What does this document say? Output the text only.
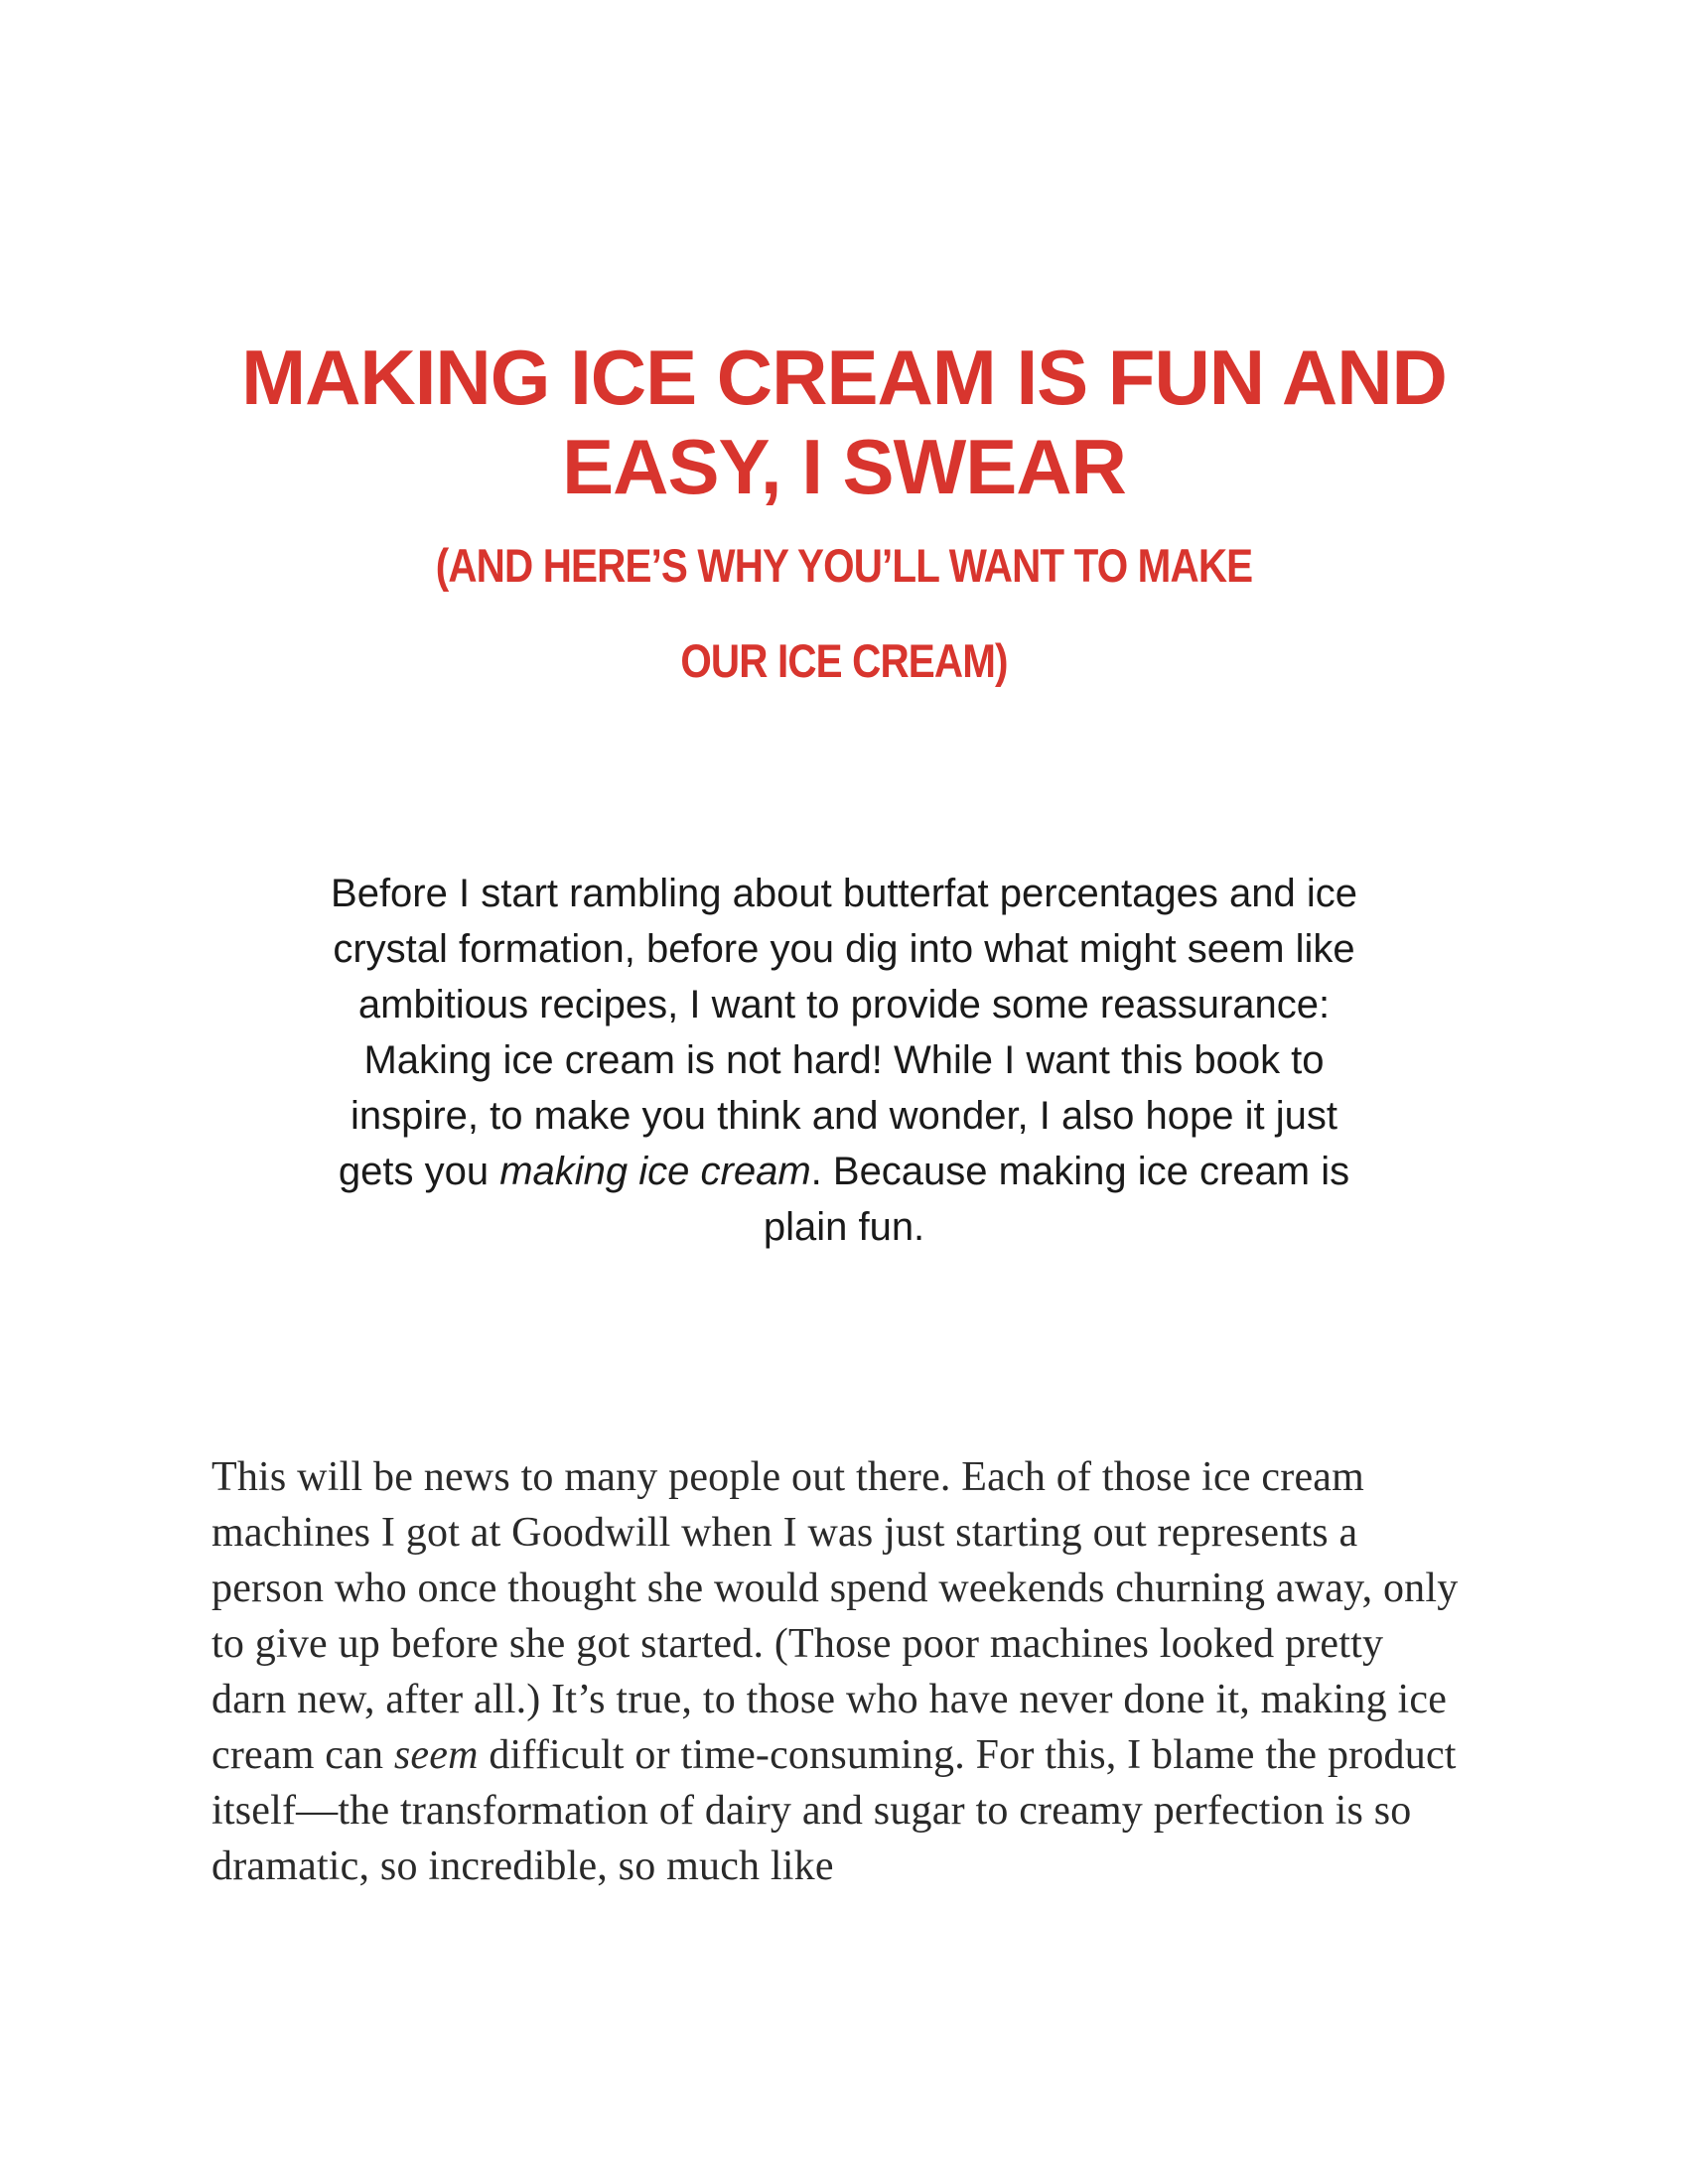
MAKING ICE CREAM IS FUN AND EASY, I SWEAR
(AND HERE’S WHY YOU’LL WANT TO MAKE OUR ICE CREAM)

Before I start rambling about butterfat percentages and ice crystal formation, before you dig into what might seem like ambitious recipes, I want to provide some reassurance: Making ice cream is not hard! While I want this book to inspire, to make you think and wonder, I also hope it just gets you making ice cream. Because making ice cream is plain fun.

This will be news to many people out there. Each of those ice cream machines I got at Goodwill when I was just starting out represents a person who once thought she would spend weekends churning away, only to give up before she got started. (Those poor machines looked pretty darn new, after all.) It’s true, to those who have never done it, making ice cream can seem difficult or time-consuming. For this, I blame the product itself—the transformation of dairy and sugar to creamy perfection is so dramatic, so incredible, so much like
